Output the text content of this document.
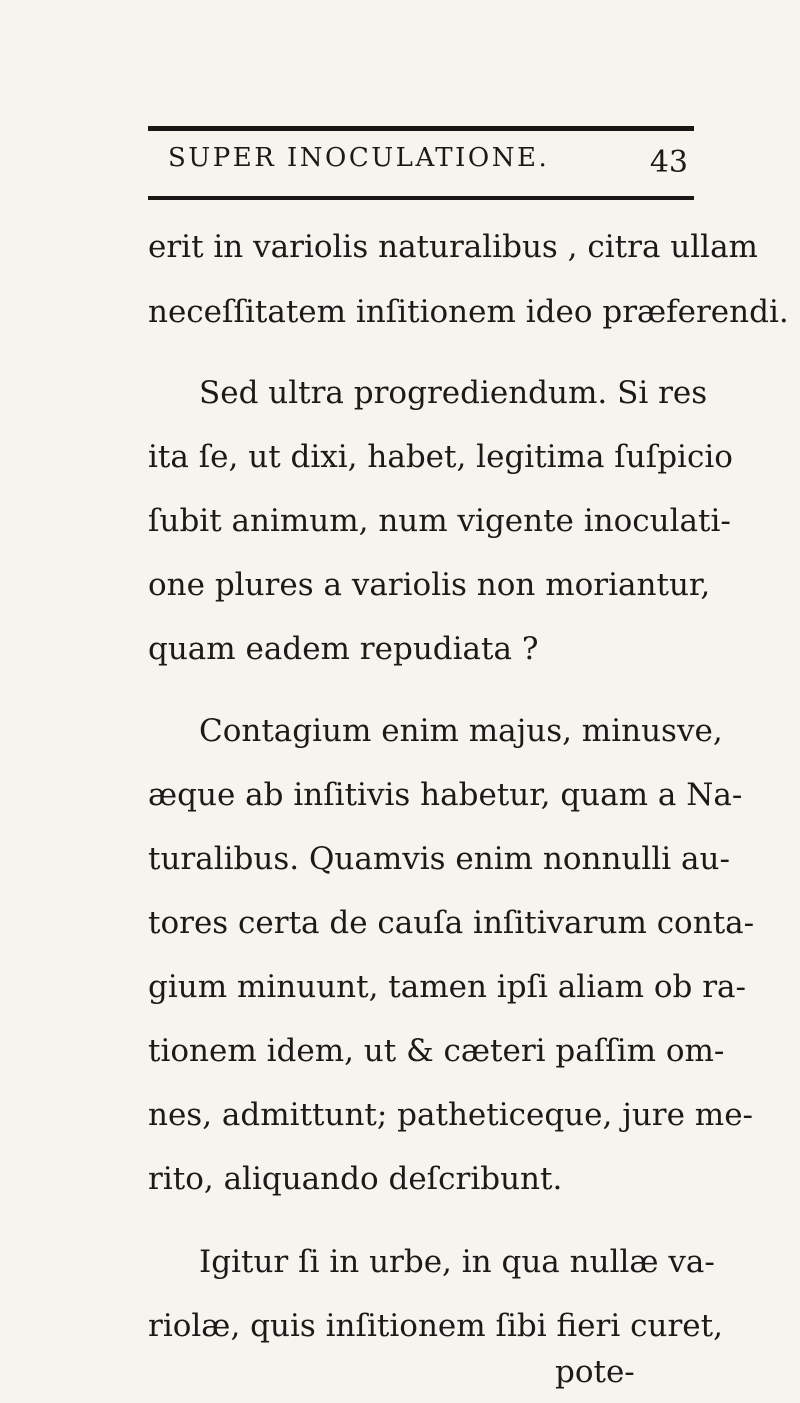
SUPER INOCULATIONE.	43
erit in variolis naturalibus , citra ullam
neceſſitatem inſitionem ideo præferendi.
Sed ultra progrediendum. Si res
ita ſe, ut dixi, habet, legitima ſuſpicio
ſubit animum, num vigente inoculati-
one plures a variolis non moriantur,
quam eadem repudiata ?
Contagium enim majus, minusve,
æque ab inſitivis habetur, quam a Na-
turalibus. Quamvis enim nonnulli au-
tores certa de cauſa inſitivarum conta-
gium minuunt, tamen ipſi aliam ob ra-
tionem idem, ut & cæteri paſſim om-
nes, admittunt; patheticeque, jure me-
rito, aliquando deſcribunt.
Igitur ſi in urbe, in qua nullæ va-
riolæ, quis inſitionem ſibi fieri curet,
pote-
